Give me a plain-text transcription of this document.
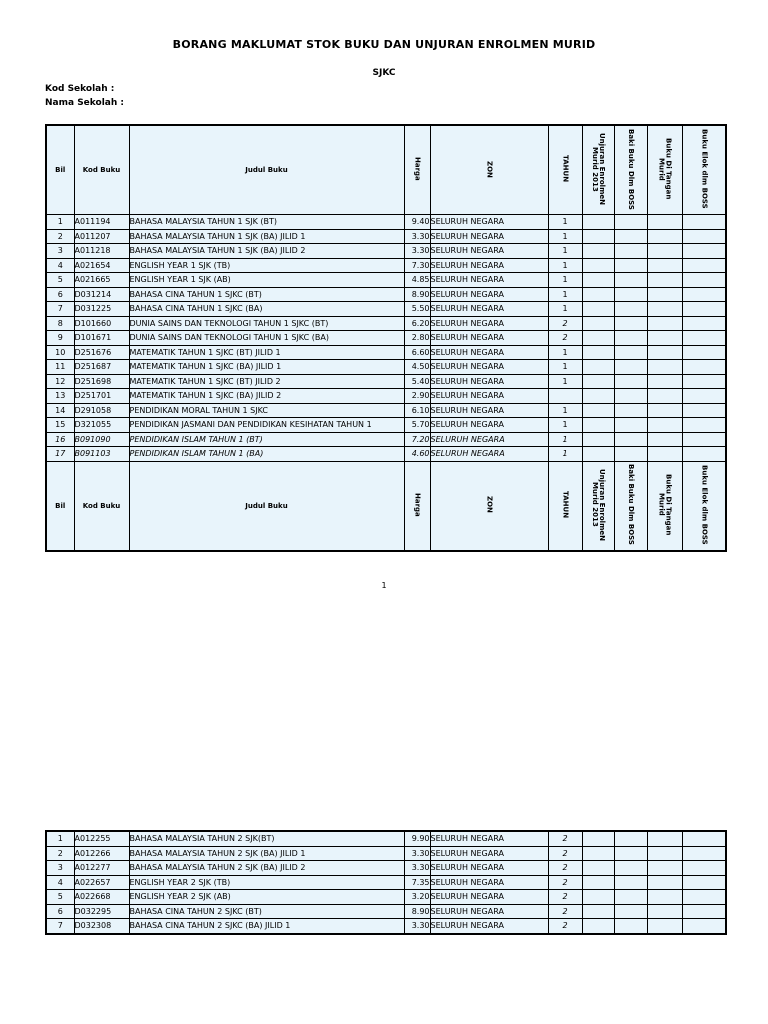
BORANG MAKLUMAT STOK BUKU DAN UNJURAN ENROLMEN MURID
SJKC
Kod Sekolah :
Nama Sekolah :
Bil	Kod Buku	Judul Buku	Harga	ZON	TAHUN	Unjuran EnrolmeN Murid 2013	Baki Buku Dlm BOSS	Buku Di Tangan Murid	Buku Elok dlm BOSS
1	A011194	BAHASA MALAYSIA TAHUN 1 SJK (BT)	9.40	SELURUH NEGARA	1				
2	A011207	BAHASA MALAYSIA TAHUN 1 SJK (BA) JILID 1	3.30	SELURUH NEGARA	1				
3	A011218	BAHASA MALAYSIA TAHUN 1 SJK (BA) JILID 2	3.30	SELURUH NEGARA	1				
4	A021654	ENGLISH YEAR 1 SJK (TB)	7.30	SELURUH NEGARA	1				
5	A021665	ENGLISH YEAR 1 SJK (AB)	4.85	SELURUH NEGARA	1				
6	D031214	BAHASA CINA TAHUN 1 SJKC (BT)	8.90	SELURUH NEGARA	1				
7	D031225	BAHASA CINA TAHUN 1 SJKC (BA)	5.50	SELURUH NEGARA	1				
8	D101660	DUNIA SAINS DAN TEKNOLOGI TAHUN 1 SJKC (BT)	6.20	SELURUH NEGARA	2				
9	D101671	DUNIA SAINS DAN TEKNOLOGI TAHUN 1 SJKC (BA)	2.80	SELURUH NEGARA	2				
10	D251676	MATEMATIK TAHUN 1 SJKC (BT) JILID 1	6.60	SELURUH NEGARA	1				
11	D251687	MATEMATIK TAHUN 1 SJKC (BA) JILID 1	4.50	SELURUH NEGARA	1				
12	D251698	MATEMATIK TAHUN 1 SJKC (BT) JILID 2	5.40	SELURUH NEGARA	1				
13	D251701	MATEMATIK TAHUN 1 SJKC (BA) JILID 2	2.90	SELURUH NEGARA					
14	D291058	PENDIDIKAN MORAL TAHUN 1 SJKC	6.10	SELURUH NEGARA	1				
15	D321055	PENDIDIKAN JASMANI DAN PENDIDIKAN KESIHATAN TAHUN 1	5.70	SELURUH NEGARA	1				
16	B091090	PENDIDIKAN ISLAM TAHUN 1 (BT)	7.20	SELURUH NEGARA	1				
17	B091103	PENDIDIKAN ISLAM TAHUN 1 (BA)	4.60	SELURUH NEGARA	1				
Bil	Kod Buku	Judul Buku	Harga	ZON	TAHUN	Unjuran EnrolmeN Murid 2013	Baki Buku Dlm BOSS	Buku Di Tangan Murid	Buku Elok dlm BOSS
1
1	A012255	BAHASA MALAYSIA TAHUN 2 SJK(BT)	9.90	SELURUH NEGARA	2				
2	A012266	BAHASA MALAYSIA TAHUN 2 SJK (BA) JILID 1	3.30	SELURUH NEGARA	2				
3	A012277	BAHASA MALAYSIA TAHUN 2 SJK (BA) JILID 2	3.30	SELURUH NEGARA	2				
4	A022657	ENGLISH YEAR 2 SJK (TB)	7.35	SELURUH NEGARA	2				
5	A022668	ENGLISH YEAR 2 SJK (AB)	3.20	SELURUH NEGARA	2				
6	D032295	BAHASA CINA TAHUN 2 SJKC (BT)	8.90	SELURUH NEGARA	2				
7	D032308	BAHASA CINA TAHUN 2 SJKC (BA) JILID 1	3.30	SELURUH NEGARA	2				
